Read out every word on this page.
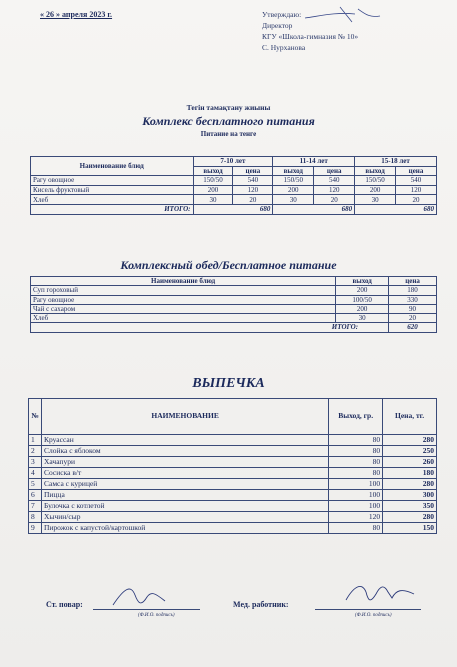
« 26 » апреля 2023 г.	Утверждаю:
Директор
КГУ «Школа-гимназия № 10»
С. Нурханова
Тегін тамақтану жиыны
Комплекс бесплатного питания
Питание на тенге
Наименование блюд	7-10 лет		11-14 лет		15-18 лет	
	выход	цена	выход	цена	выход	цена
Рагу овощное	150/50	540	150/50	540	150/50	540
Кисель фруктовый	200	120	200	120	200	120
Хлеб	30	20	30	20	30	20
ИТОГО:	680		680		680	
Комплексный обед/Бесплатное питание
Наименование блюд	выход	цена
Суп гороховый	200	180
Рагу овощное	100/50	330
Чай с сахаром	200	90
Хлеб	30	20
ИТОГО:		620
ВЫПЕЧКА
№	НАИМЕНОВАНИЕ	Выход, гр.	Цена, тг.
1	Круассан	80	280
2	Слойка с яблоком	80	250
3	Хачапури	80	260
4	Сосиска в/т	80	180
5	Самса с курицей	100	280
6	Пицца	100	300
7	Булочка с котлетой	100	350
8	Хычин/сыр	120	280
9	Пирожок с капустой/картошкой	80	150
Ст. повар:
(Ф.И.О. подпись)
Мед. работник:
(Ф.И.О. подпись)
